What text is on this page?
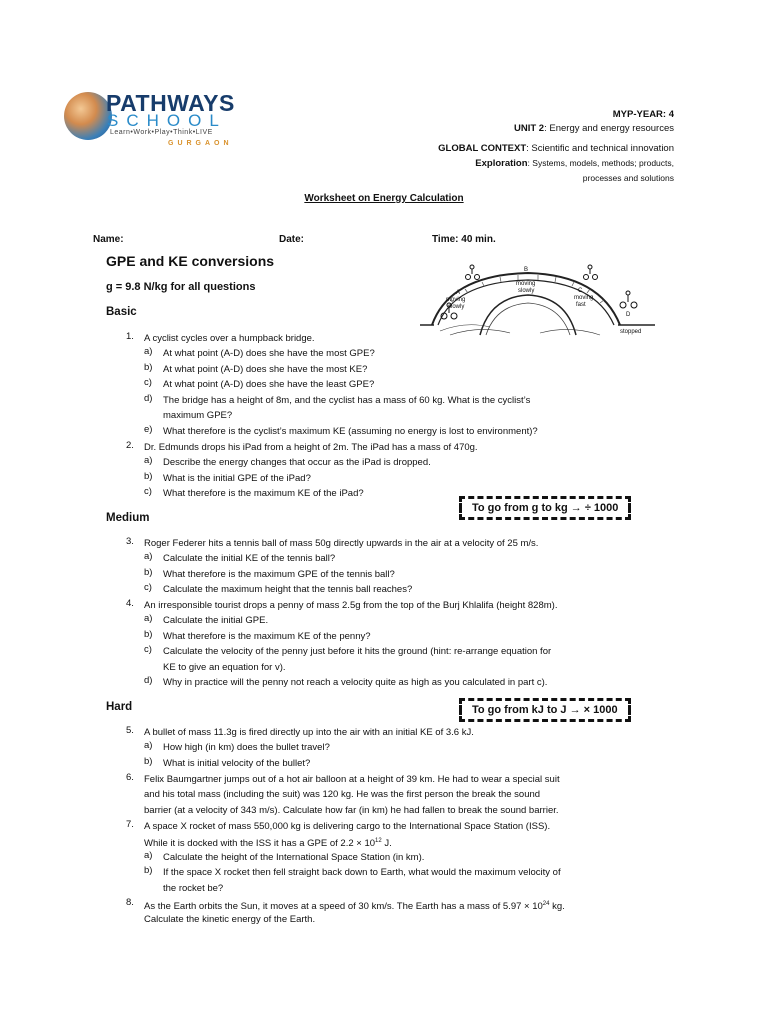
PATHWAYS
SCHOOL
Learn•Work•Play•Think•LIVE
GURGAON
MYP-YEAR: 4
UNIT 2: Energy and energy resources
GLOBAL CONTEXT: Scientific and technical innovation
Exploration: Systems, models, methods; products,
processes and solutions
Worksheet on Energy Calculation
Name:	Date:	Time: 40 min.
GPE and KE conversions
g = 9.8 N/kg for all questions
Basic
B
moving
slowly
A
moving
slowly
C
moving
fast
D
stopped
1.	A cyclist cycles over a humpback bridge.
a)	At what point (A-D) does she have the most GPE?
b)	At what point (A-D) does she have the most KE?
c)	At what point (A-D) does she have the least GPE?
d)	The bridge has a height of 8m, and the cyclist has a mass of 60 kg. What is the cyclist’s
maximum GPE?
e)	What therefore is the cyclist’s maximum KE (assuming no energy is lost to environment)?
2.	Dr. Edmunds drops his iPad from a height of 2m. The iPad has a mass of 470g.
a)	Describe the energy changes that occur as the iPad is dropped.
b)	What is the initial GPE of the iPad?
c)	What therefore is the maximum KE of the iPad?
To go from g to kg → ÷ 1000
Medium
3.	Roger Federer hits a tennis ball of mass 50g directly upwards in the air at a velocity of 25 m/s.
a)	Calculate the initial KE of the tennis ball?
b)	What therefore is the maximum GPE of the tennis ball?
c)	Calculate the maximum height that the tennis ball reaches?
4.	An irresponsible tourist drops a penny of mass 2.5g from the top of the Burj Khlalifa (height 828m).
a)	Calculate the initial GPE.
b)	What therefore is the maximum KE of the penny?
c)	Calculate the velocity of the penny just before it hits the ground (hint: re-arrange equation for
KE to give an equation for v).
d)	Why in practice will the penny not reach a velocity quite as high as you calculated in part c).
Hard	To go from kJ to J → × 1000
5.	A bullet of mass 11.3g is fired directly up into the air with an initial KE of 3.6 kJ.
a)	How high (in km) does the bullet travel?
b)	What is initial velocity of the bullet?
6.	Felix Baumgartner jumps out of a hot air balloon at a height of 39 km. He had to wear a special suit
and his total mass (including the suit) was 120 kg. He was the first person the break the sound
barrier (at a velocity of 343 m/s). Calculate how far (in km) he had fallen to break the sound barrier.
7.	A space X rocket of mass 550,000 kg is delivering cargo to the International Space Station (ISS).
While it is docked with the ISS it has a GPE of $2.2 \times 10^{12}$ J.
a)	Calculate the height of the International Space Station (in km).
b)	If the space X rocket then fell straight back down to Earth, what would the maximum velocity of
the rocket be?
8.	As the Earth orbits the Sun, it moves at a speed of 30 km/s. The Earth has a mass of $5.97 \times 10^{24}$ kg.
Calculate the kinetic energy of the Earth.
